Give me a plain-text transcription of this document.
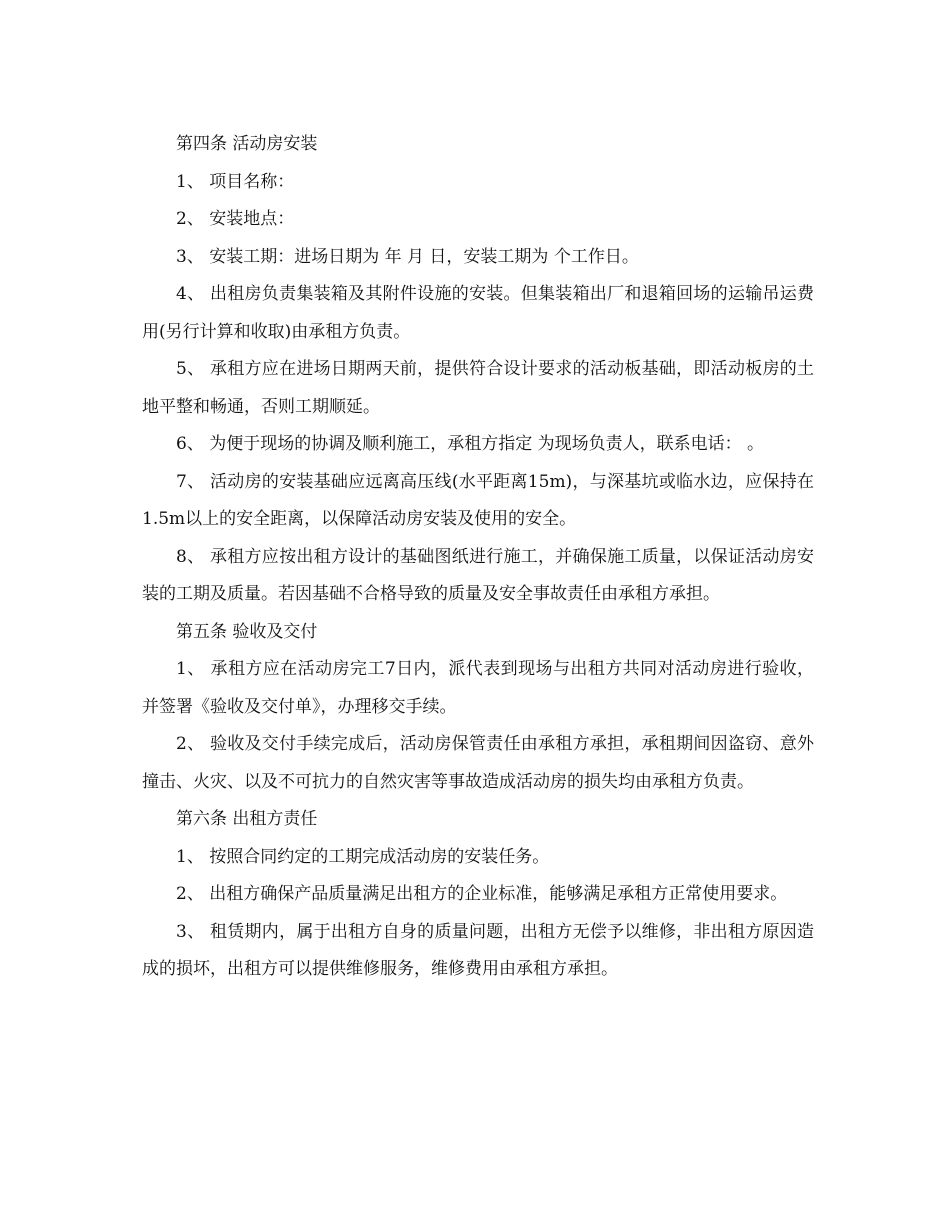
第四条 活动房安装

1、 项目名称：

2、 安装地点：

3、 安装工期：进场日期为 年 月 日，安装工期为 个工作日。

4、 出租房负责集装箱及其附件设施的安装。但集装箱出厂和退箱回场的运输吊运费用(另行计算和收取)由承租方负责。

5、 承租方应在进场日期两天前，提供符合设计要求的活动板基础，即活动板房的土地平整和畅通，否则工期顺延。

6、 为便于现场的协调及顺利施工，承租方指定 为现场负责人，联系电话： 。

7、 活动房的安装基础应远离高压线(水平距离15m)，与深基坑或临水边，应保持在1.5m以上的安全距离，以保障活动房安装及使用的安全。

8、 承租方应按出租方设计的基础图纸进行施工，并确保施工质量，以保证活动房安装的工期及质量。若因基础不合格导致的质量及安全事故责任由承租方承担。

第五条 验收及交付

1、 承租方应在活动房完工7日内，派代表到现场与出租方共同对活动房进行验收，并签署《验收及交付单》，办理移交手续。

2、 验收及交付手续完成后，活动房保管责任由承租方承担，承租期间因盗窃、意外撞击、火灾、以及不可抗力的自然灾害等事故造成活动房的损失均由承租方负责。

第六条 出租方责任

1、 按照合同约定的工期完成活动房的安装任务。

2、 出租方确保产品质量满足出租方的企业标准，能够满足承租方正常使用要求。

3、 租赁期内，属于出租方自身的质量问题，出租方无偿予以维修，非出租方原因造成的损坏，出租方可以提供维修服务，维修费用由承租方承担。
